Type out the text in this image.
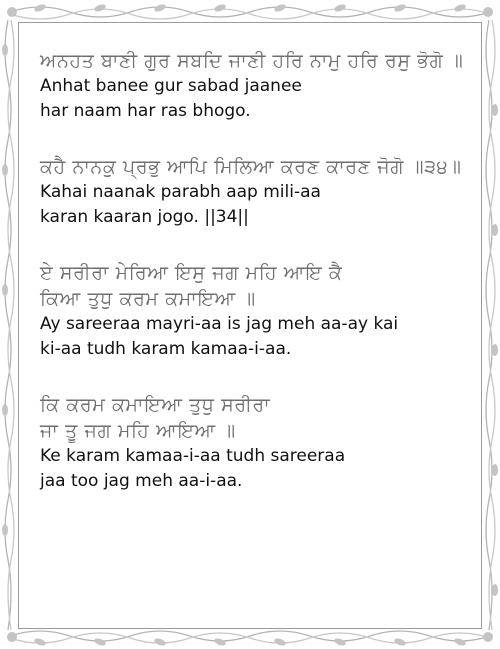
ਅਨਹਤ ਬਾਣੀ ਗੁਰ ਸਬਦਿ ਜਾਣੀ ਹਰਿ ਨਾਮੁ ਹਰਿ ਰਸੁ ਭੋਗੋ ॥
Anhat banee gur sabad jaanee
har naam har ras bhogo.
ਕਹੈ ਨਾਨਕੁ ਪ੍ਰਭੁ ਆਪਿ ਮਿਲਿਆ ਕਰਣ ਕਾਰਣ ਜੋਗੋ ॥੩੪॥
Kahai naanak parabh aap mili-aa
karan kaaran jogo. ||34||
ਏ ਸਰੀਰਾ ਮੇਰਿਆ ਇਸੁ ਜਗ ਮਹਿ ਆਇ ਕੈ
ਕਿਆ ਤੁਧੁ ਕਰਮ ਕਮਾਇਆ ॥
Ay sareeraa mayri-aa is jag meh aa-ay kai
ki-aa tudh karam kamaa-i-aa.
ਕਿ ਕਰਮ ਕਮਾਇਆ ਤੁਧੁ ਸਰੀਰਾ
ਜਾ ਤੂ ਜਗ ਮਹਿ ਆਇਆ ॥
Ke karam kamaa-i-aa tudh sareeraa
jaa too jag meh aa-i-aa.
